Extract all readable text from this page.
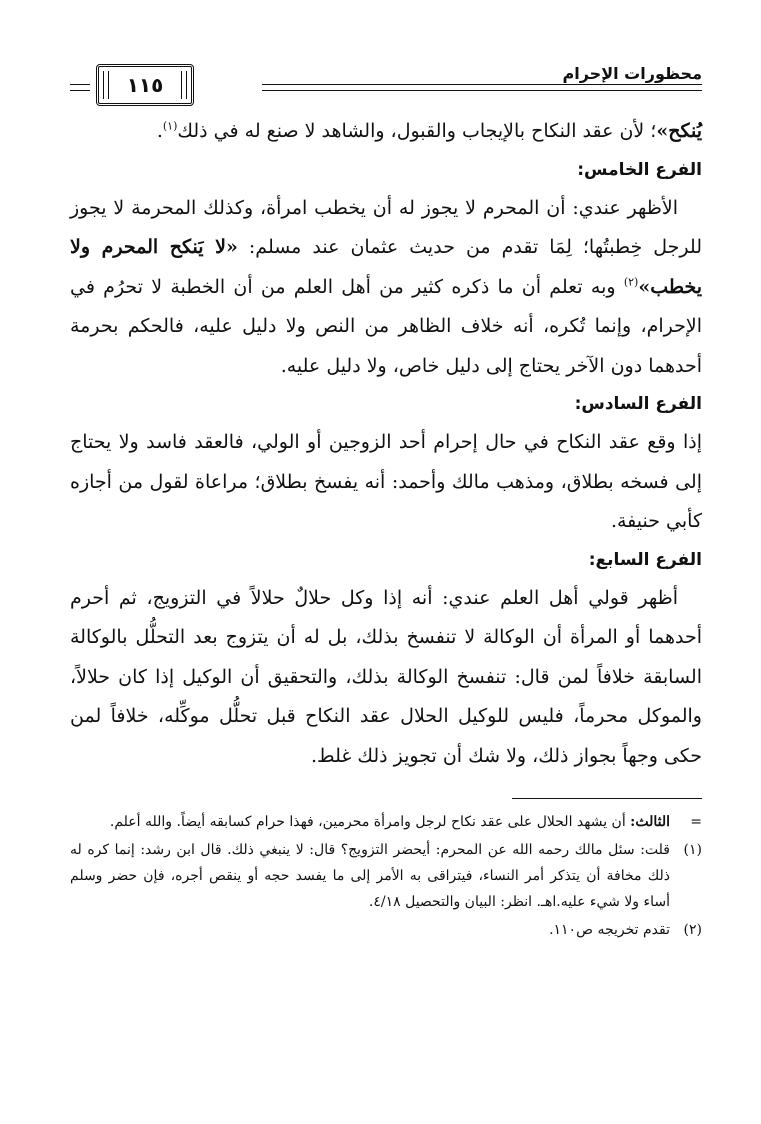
محظورات الإحرام
١١٥

يُنكح»؛ لأن عقد النكاح بالإيجاب والقبول، والشاهد لا صنع له في ذلك$^{(١)}$.

الفرع الخامس:

الأظهر عندي: أن المحرم لا يجوز له أن يخطب امرأة، وكذلك المحرمة لا يجوز للرجل خِطبتُها؛ لِمَا تقدم من حديث عثمان عند مسلم: «لا يَنكح المحرم ولا يخطب»$^{(٢)}$ وبه تعلم أن ما ذكره كثير من أهل العلم من أن الخطبة لا تحرُم في الإحرام، وإنما تُكره، أنه خلاف الظاهر من النص ولا دليل عليه، فالحكم بحرمة أحدهما دون الآخر يحتاج إلى دليل خاص، ولا دليل عليه.

الفرع السادس:

إذا وقع عقد النكاح في حال إحرام أحد الزوجين أو الولي، فالعقد فاسد ولا يحتاج إلى فسخه بطلاق، ومذهب مالك وأحمد: أنه يفسخ بطلاق؛ مراعاة لقول من أجازه كأبي حنيفة.

الفرع السابع:

أظهر قولي أهل العلم عندي: أنه إذا وكل حلالٌ حلالاً في التزويج، ثم أحرم أحدهما أو المرأة أن الوكالة لا تنفسخ بذلك، بل له أن يتزوج بعد التحلُّل بالوكالة السابقة خلافاً لمن قال: تنفسخ الوكالة بذلك، والتحقيق أن الوكيل إذا كان حلالاً، والموكل محرماً، فليس للوكيل الحلال عقد النكاح قبل تحلُّل موكِّله، خلافاً لمن حكى وجهاً بجواز ذلك، ولا شك أن تجويز ذلك غلط.

=
الثالث: أن يشهد الحلال على عقد نكاح لرجل وامرأة محرمين، فهذا حرام كسابقه أيضاً. والله أعلم.
(١)
قلت: سئل مالك رحمه الله عن المحرم: أيحضر التزويج؟ قال: لا ينبغي ذلك. قال ابن رشد: إنما كره له ذلك مخافة أن يتذكر أمر النساء، فيتراقى به الأمر إلى ما يفسد حجه أو ينقص أجره، فإن حضر وسلم أساء ولا شيء عليه.اهـ. انظر: البيان والتحصيل ٤/١٨.
(٢)
تقدم تخريجه ص١١٠.
